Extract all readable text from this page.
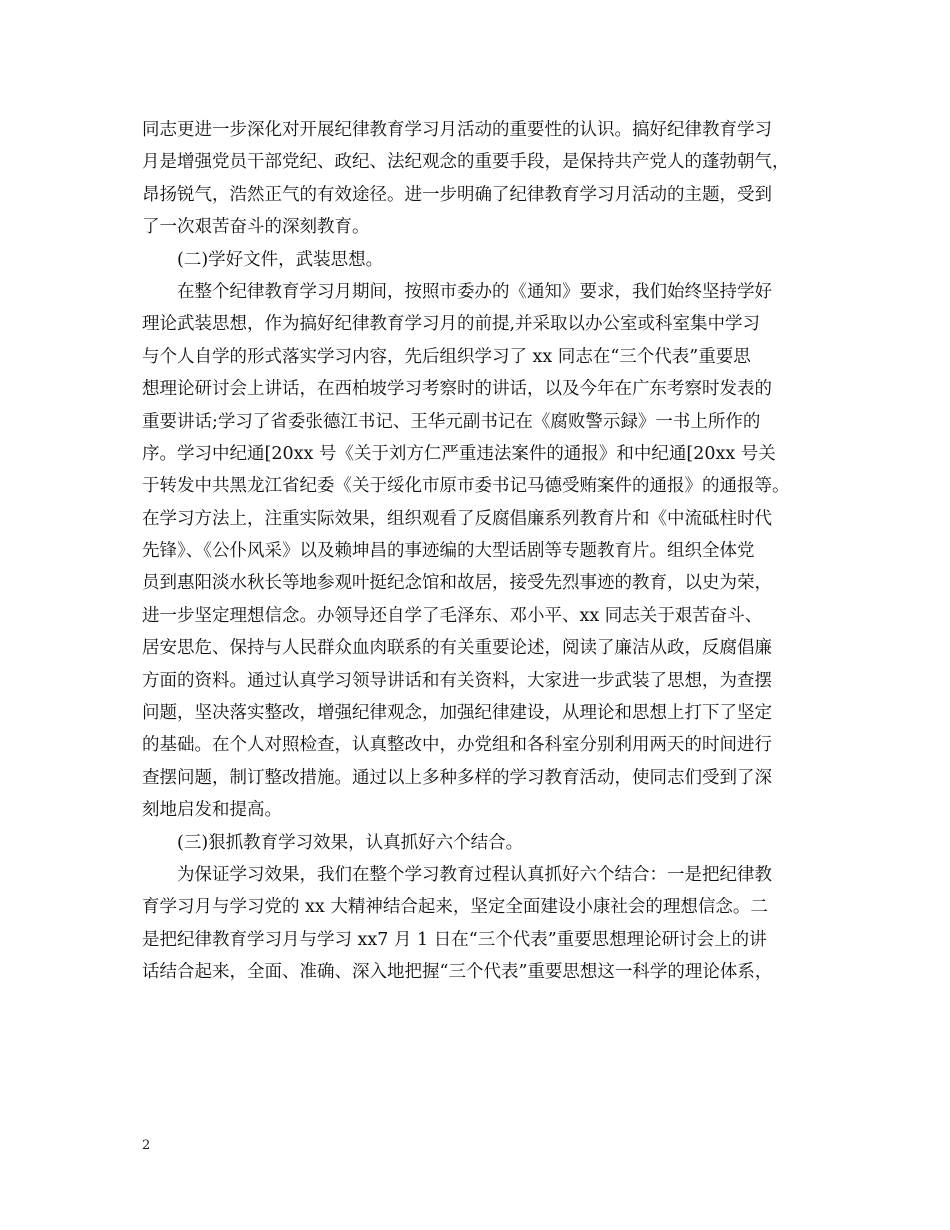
同志更进一步深化对开展纪律教育学习月活动的重要性的认识。搞好纪律教育学习
月是增强党员干部党纪、政纪、法纪观念的重要手段，是保持共产党人的蓬勃朝气，
昂扬锐气，浩然正气的有效途径。进一步明确了纪律教育学习月活动的主题，受到
了一次艰苦奋斗的深刻教育。
(二)学好文件，武装思想。
在整个纪律教育学习月期间，按照市委办的《通知》要求，我们始终坚持学好
理论武装思想，作为搞好纪律教育学习月的前提,并采取以办公室或科室集中学习
与个人自学的形式落实学习内容，先后组织学习了 xx 同志在“三个代表”重要思
想理论研讨会上讲话，在西柏坡学习考察时的讲话，以及今年在广东考察时发表的
重要讲话;学习了省委张德江书记、王华元副书记在《腐败警示録》一书上所作的
序。学习中纪通[20xx 号《关于刘方仁严重违法案件的通报》和中纪通[20xx 号关
于转发中共黑龙江省纪委《关于绥化市原市委书记马德受贿案件的通报》的通报等。
在学习方法上，注重实际效果，组织观看了反腐倡廉系列教育片和《中流砥柱时代
先锋》、《公仆风采》以及赖坤昌的事迹编的大型话剧等专题教育片。组织全体党
员到惠阳淡水秋长等地参观叶挺纪念馆和故居，接受先烈事迹的教育，以史为荣，
进一步坚定理想信念。办领导还自学了毛泽东、邓小平、xx 同志关于艰苦奋斗、
居安思危、保持与人民群众血肉联系的有关重要论述，阅读了廉洁从政，反腐倡廉
方面的资料。通过认真学习领导讲话和有关资料，大家进一步武装了思想，为查摆
问题，坚决落实整改，增强纪律观念，加强纪律建设，从理论和思想上打下了坚定
的基础。在个人对照检查，认真整改中，办党组和各科室分别利用两天的时间进行
查摆问题，制订整改措施。通过以上多种多样的学习教育活动，使同志们受到了深
刻地启发和提高。
(三)狠抓教育学习效果，认真抓好六个结合。
为保证学习效果，我们在整个学习教育过程认真抓好六个结合：一是把纪律教
育学习月与学习党的 xx 大精神结合起来，坚定全面建设小康社会的理想信念。二
是把纪律教育学习月与学习 xx7 月 1 日在“三个代表”重要思想理论研讨会上的讲
话结合起来，全面、准确、深入地把握“三个代表”重要思想这一科学的理论体系，
2
